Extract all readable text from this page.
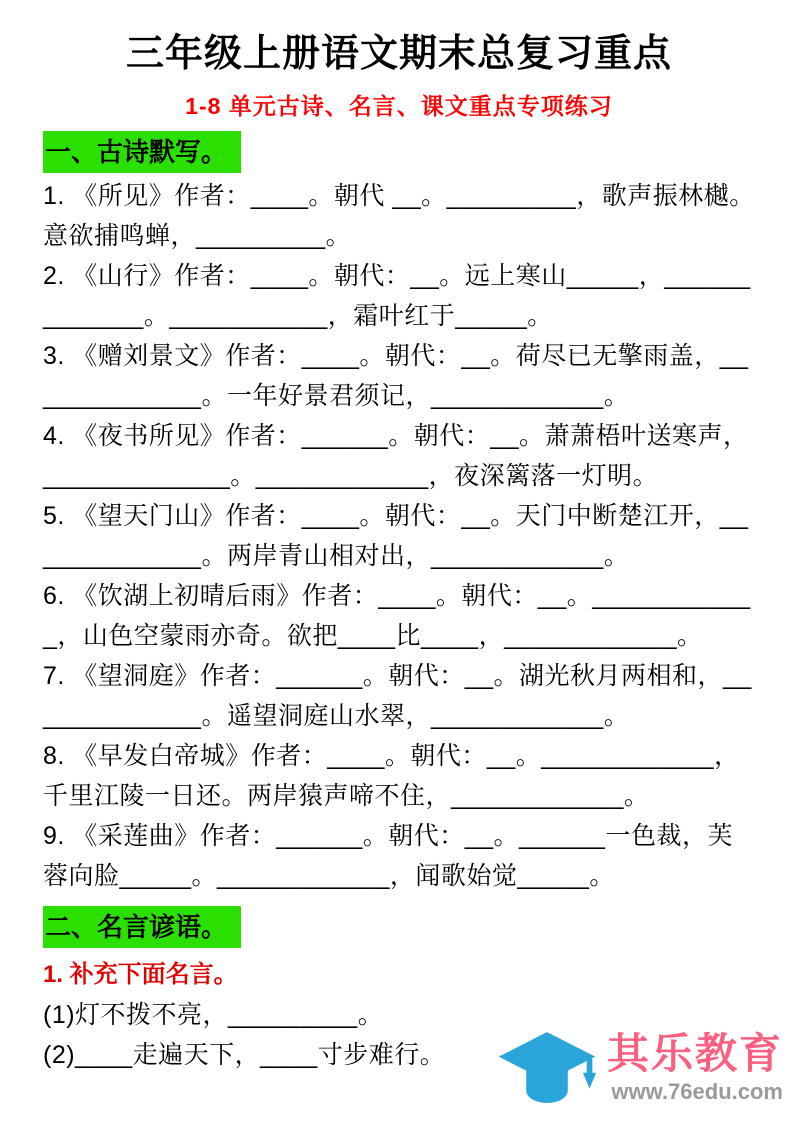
三年级上册语文期末总复习重点
1-8 单元古诗、名言、课文重点专项练习
一、古诗默写。

1. 《所见》作者：____。朝代 __。_________，歌声振林樾。意欲捕鸣蝉，_________。

2. 《山行》作者：____。朝代：__。远上寒山_____，_____________。___________，霜叶红于_____。

3. 《赠刘景文》作者：____。朝代：__。荷尽已无擎雨盖，_____________。一年好景君须记，____________。

4. 《夜书所见》作者：______。朝代：__。萧萧梧叶送寒声，_____________。____________，夜深篱落一灯明。

5. 《望天门山》作者：____。朝代：__。天门中断楚江开，_____________。两岸青山相对出，____________。

6. 《饮湖上初晴后雨》作者：____。朝代：__。____________，山色空蒙雨亦奇。欲把____比____，____________。

7. 《望洞庭》作者：______。朝代：__。湖光秋月两相和，_____________。遥望洞庭山水翠，____________。

8. 《早发白帝城》作者：____。朝代：__。____________，千里江陵一日还。两岸猿声啼不住，____________。

9. 《采莲曲》作者：______。朝代：__。______一色裁，芙蓉向脸_____。____________，闻歌始觉_____。

二、名言谚语。
1. 补充下面名言。

(1)灯不拨不亮，_________。

(2)____走遍天下，____寸步难行。	其乐教育
www.76edu.com
